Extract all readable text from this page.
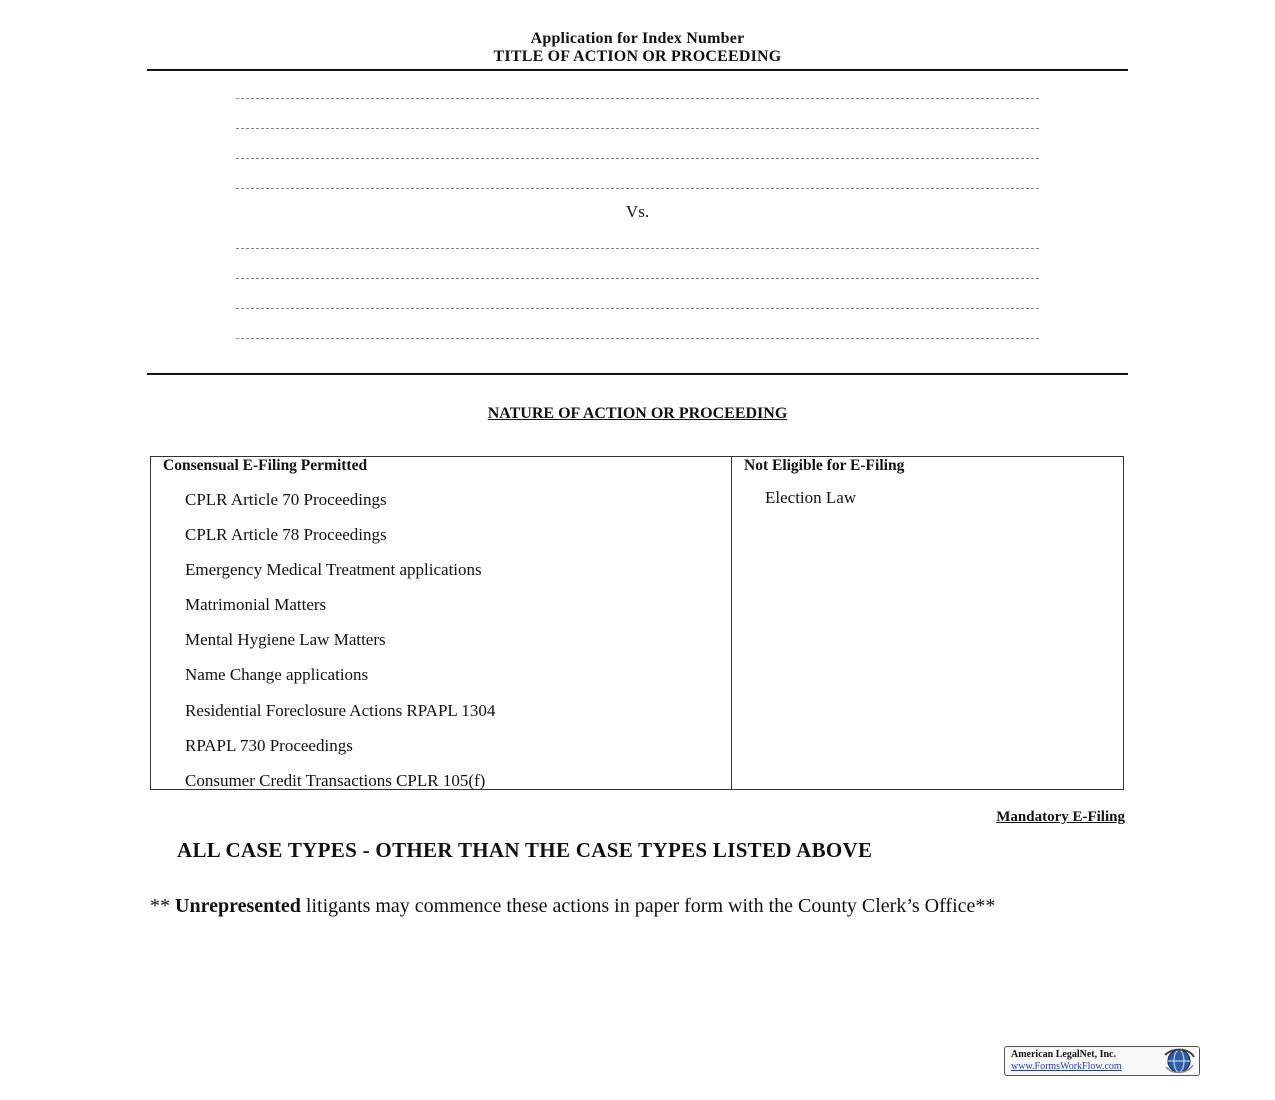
Application for Index Number
TITLE OF ACTION OR PROCEEDING
Vs.
NATURE OF ACTION OR PROCEEDING
Consensual E-Filing Permitted	Not Eligible for E-Filing
CPLR Article 70 Proceedings
CPLR Article 78 Proceedings
Emergency Medical Treatment applications
Matrimonial Matters
Mental Hygiene Law Matters
Name Change applications
Residential Foreclosure Actions RPAPL 1304
RPAPL 730 Proceedings
Consumer Credit Transactions CPLR 105(f)
Election Law
Mandatory E-Filing
ALL CASE TYPES - OTHER THAN THE CASE TYPES LISTED ABOVE
** Unrepresented litigants may commence these actions in paper form with the County Clerk’s Office**
American LegalNet, Inc.
www.FormsWorkFlow.com
